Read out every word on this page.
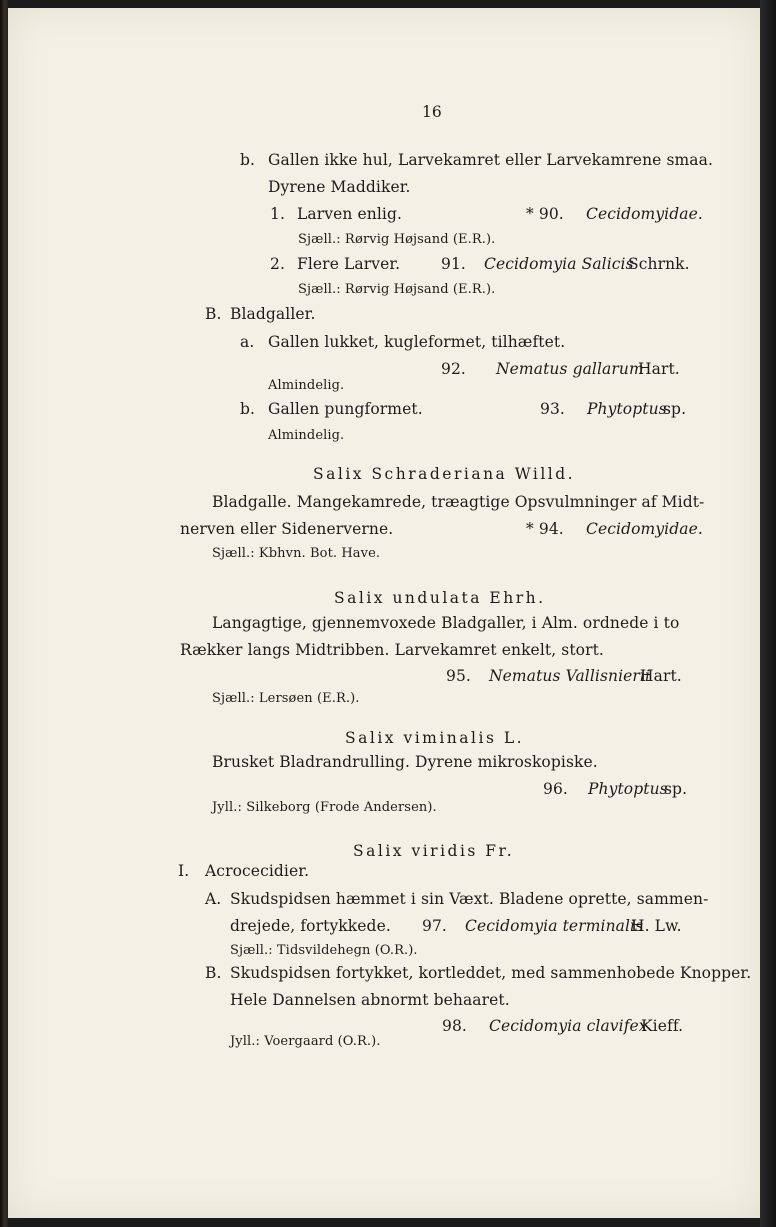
16
b. Gallen ikke hul, Larvekamret eller Larvekamrene smaa.
Dyrene Maddiker.
1. Larven enlig.	* 90. Cecidomyidae.
Sjæll.: Rørvig Højsand (E.R.).
2. Flere Larver.	91. Cecidomyia Salicis
Schrnk.
Sjæll.: Rørvig Højsand (E.R.).
B. Bladgaller.
a. Gallen lukket, kugleformet, tilhæftet.
92. Nematus gallarum
Hart.
Almindelig.
b. Gallen pungformet.	93. Phytoptus
sp.
Almindelig.
Salix Schraderiana Willd.
Bladgalle. Mangekamrede, træagtige Opsvulmninger af Midt-
nerven eller Sidenerverne.	* 94. Cecidomyidae.
Sjæll.: Kbhvn. Bot. Have.
Salix undulata Ehrh.
Langagtige, gjennemvoxede Bladgaller, i Alm. ordnede i to
Rækker langs Midtribben. Larvekamret enkelt, stort.
95. Nematus Vallisnierii
Hart.
Sjæll.: Lersøen (E.R.).
Salix viminalis L.
Brusket Bladrandrulling. Dyrene mikroskopiske.
96. Phytoptus
sp.
Jyll.: Silkeborg (Frode Andersen).
Salix viridis Fr.
I. Acrocecidier.
A. Skudspidsen hæmmet i sin Væxt. Bladene oprette, sammen-
drejede, fortykkede. 97. Cecidomyia terminalis
H. Lw.
Sjæll.: Tidsvildehegn (O.R.).
B. Skudspidsen fortykket, kortleddet, med sammenhobede Knopper.
Hele Dannelsen abnormt behaaret.
98. Cecidomyia clavifex
Kieff.
Jyll.: Voergaard (O.R.).
